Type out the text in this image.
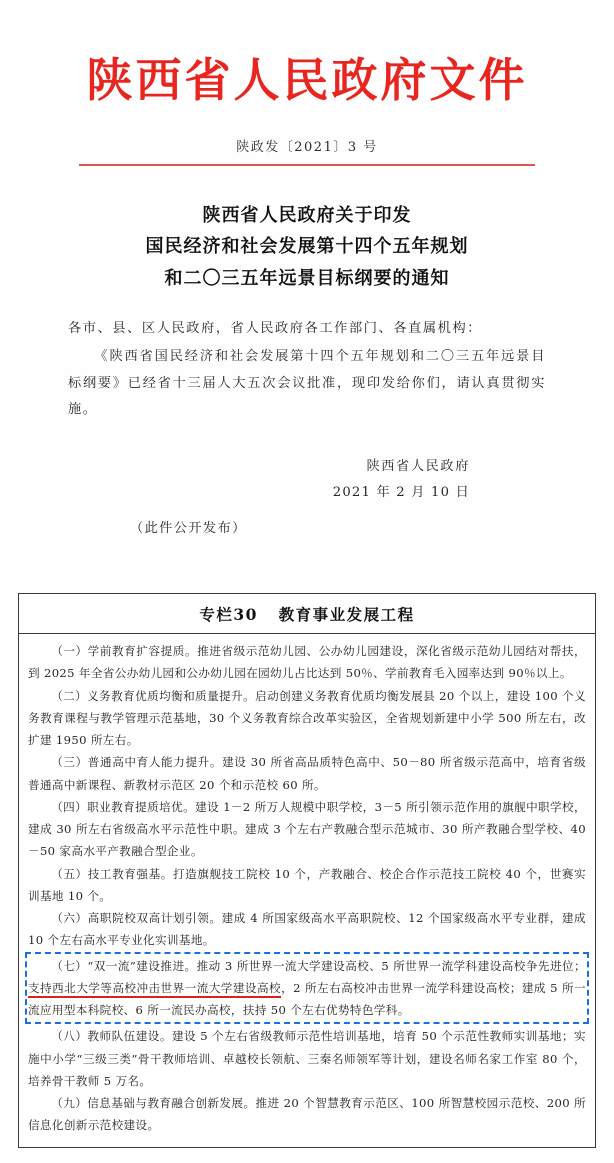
陕西省人民政府文件
陕政发〔2021〕3 号
陕西省人民政府关于印发
国民经济和社会发展第十四个五年规划
和二〇三五年远景目标纲要的通知
各市、县、区人民政府，省人民政府各工作部门、各直属机构：
《陕西省国民经济和社会发展第十四个五年规划和二〇三五年远景目标纲要》已经省十三届人大五次会议批准，现印发给你们，请认真贯彻实施。
陕西省人民政府
2021 年 2 月 10 日
（此件公开发布）
专栏30 教育事业发展工程

（一）学前教育扩容提质。推进省级示范幼儿园、公办幼儿园建设，深化省级示范幼儿园结对帮扶，到 2025 年全省公办幼儿园和公办幼儿园在园幼儿占比达到 50％、学前教育毛入园率达到 90％以上。

（二）义务教育优质均衡和质量提升。启动创建义务教育优质均衡发展县 20 个以上，建设 100 个义务教育课程与教学管理示范基地，30 个义务教育综合改革实验区，全省规划新建中小学 500 所左右，改扩建 1950 所左右。

（三）普通高中育人能力提升。建设 30 所省高品质特色高中、50－80 所省级示范高中，培育省级普通高中新课程、新教材示范区 20 个和示范校 60 所。

（四）职业教育提质培优。建设 1－2 所万人规模中职学校，3－5 所引领示范作用的旗舰中职学校，建成 30 所左右省级高水平示范性中职。建成 3 个左右产教融合型示范城市、30 所产教融合型学校、40－50 家高水平产教融合型企业。

（五）技工教育强基。打造旗舰技工院校 10 个，产教融合、校企合作示范技工院校 40 个，世赛实训基地 10 个。

（六）高职院校双高计划引领。建成 4 所国家级高水平高职院校、12 个国家级高水平专业群，建成 10 个左右高水平专业化实训基地。

（七）“双一流”建设推进。推动 3 所世界一流大学建设高校、5 所世界一流学科建设高校争先进位；支持西北大学等高校冲击世界一流大学建设高校，2 所左右高校冲击世界一流学科建设高校；建成 5 所一流应用型本科院校、6 所一流民办高校，扶持 50 个左右优势特色学科。

（八）教师队伍建设。建设 5 个左右省级教师示范性培训基地，培育 50 个示范性教师实训基地；实施中小学“三级三类”骨干教师培训、卓越校长领航、三秦名师领军等计划，建设名师名家工作室 80 个，培养骨干教师 5 万名。

（九）信息基础与教育融合创新发展。推进 20 个智慧教育示范区、100 所智慧校园示范校、200 所信息化创新示范校建设。
